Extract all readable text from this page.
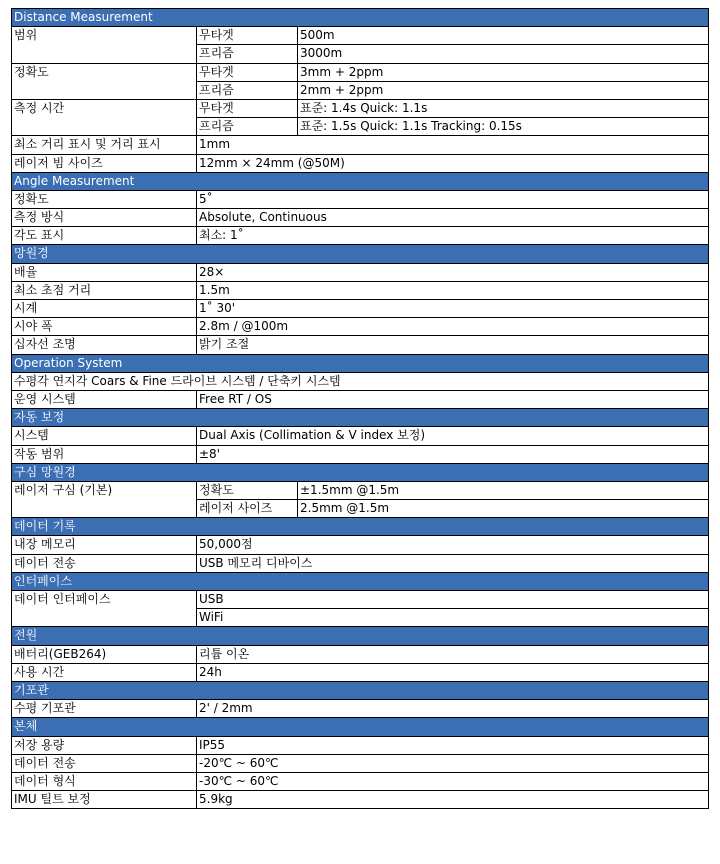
Distance Measurement		
범위	무타겟	500m
	프리즘	3000m
정확도	무타겟	3mm + 2ppm
	프리즘	2mm + 2ppm
측정 시간	무타겟	표준: 1.4s Quick: 1.1s
	프리즘	표준: 1.5s Quick: 1.1s Tracking: 0.15s
최소 거리 표시 및 거리 표시	1mm	
레이저 빔 사이즈	12mm × 24mm (@50M)	
Angle Measurement		
정확도	5˚	
측정 방식	Absolute, Continuous	
각도 표시	최소: 1˚	
망원경		
배율	28×	
최소 초점 거리	1.5m	
시계	1˚ 30'	
시야 폭	2.8m / @100m	
십자선 조명	밝기 조절	
Operation System		
수평각 연지각 Coars & Fine 드라이브 시스템 / 단축키 시스템		
운영 시스템	Free RT / OS	
자동 보정		
시스템	Dual Axis (Collimation & V index 보정)	
작동 범위	±8'	
구심 망원경		
레이저 구심 (기본)	정확도	±1.5mm @1.5m
	레이저 사이즈	2.5mm @1.5m
데이터 기록		
내장 메모리	50,000점	
데이터 전송	USB 메모리 디바이스	
인터페이스		
데이터 인터페이스	USB	
	WiFi	
전원		
배터리(GEB264)	리튬 이온	
사용 시간	24h	
기포관		
수평 기포관	2' / 2mm	
본체		
저장 용량	IP55	
데이터 전송	-20℃ ~ 60℃	
데이터 형식	-30℃ ~ 60℃	
IMU 틸트 보정	5.9kg	
